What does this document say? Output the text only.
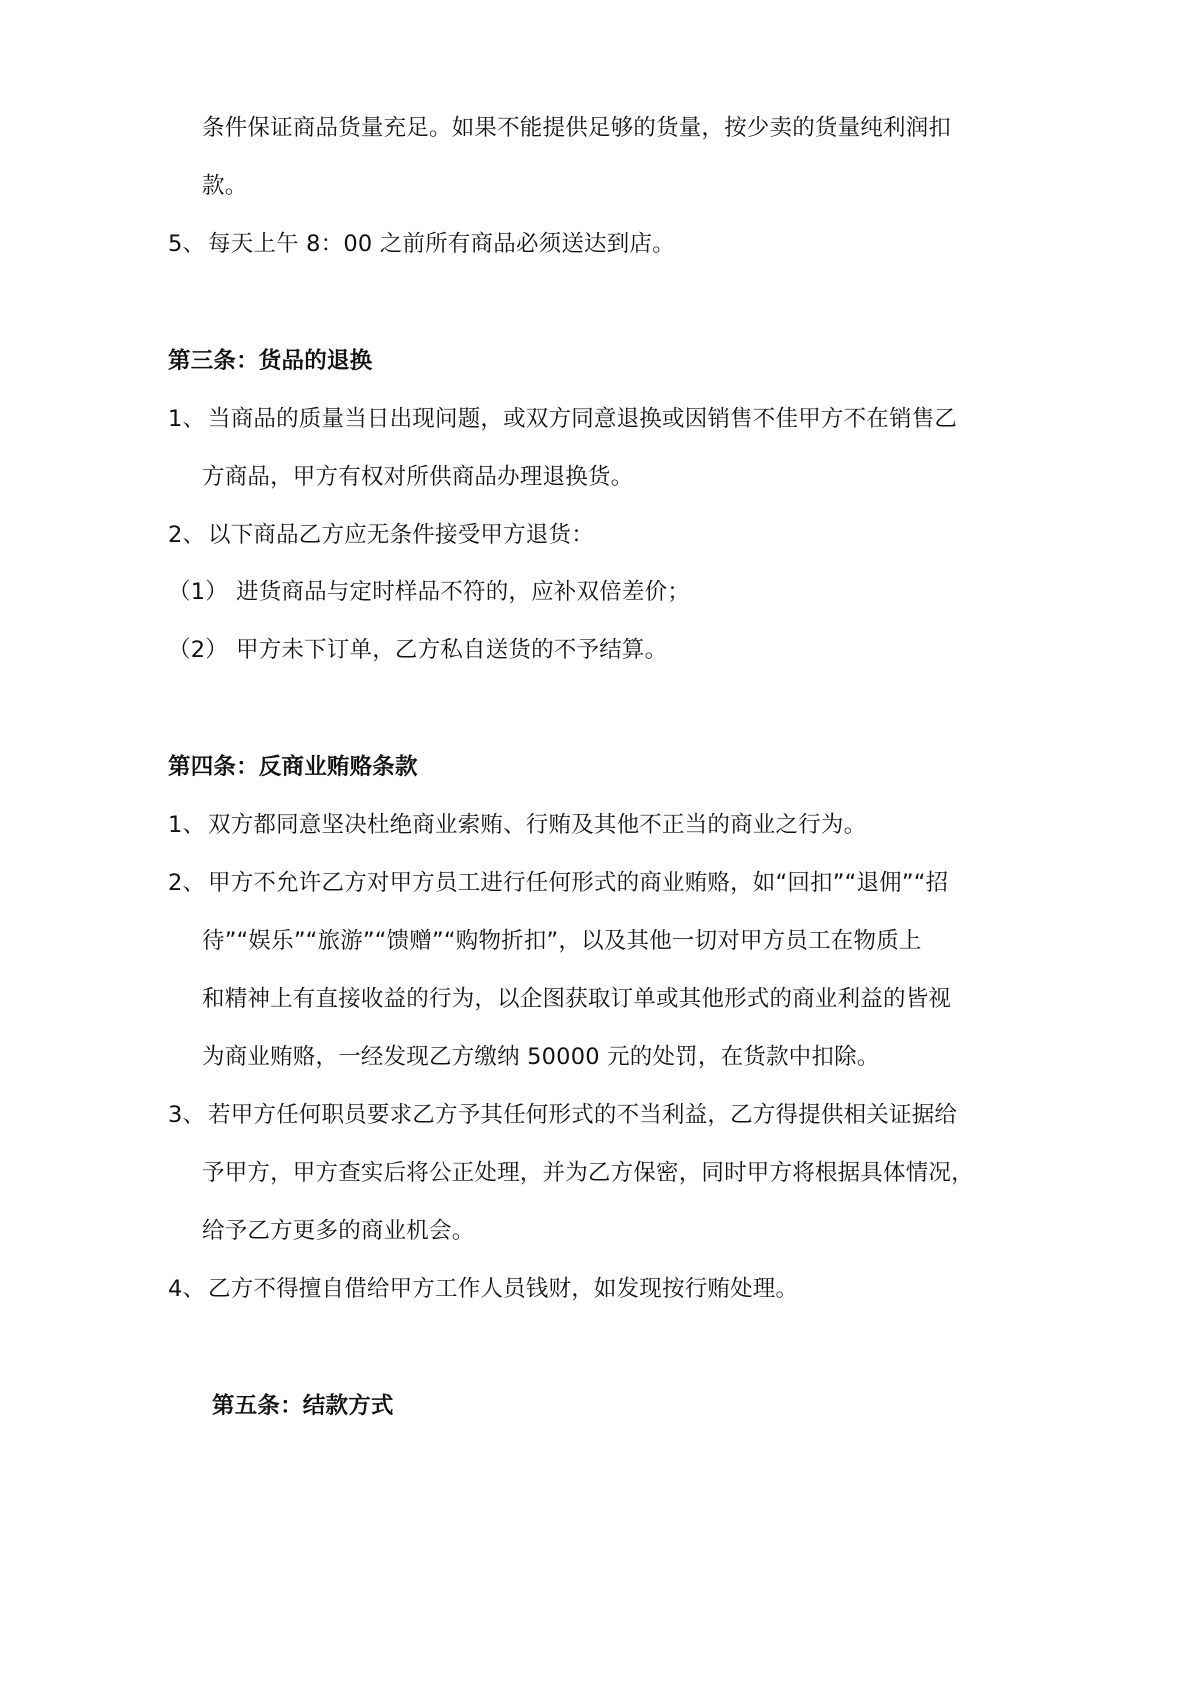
条件保证商品货量充足。如果不能提供足够的货量，按少卖的货量纯利润扣
款。
5、 每天上午 8：00 之前所有商品必须送达到店。
第三条：货品的退换
1、 当商品的质量当日出现问题，或双方同意退换或因销售不佳甲方不在销售乙
方商品，甲方有权对所供商品办理退换货。
2、 以下商品乙方应无条件接受甲方退货：
（1） 进货商品与定时样品不符的，应补双倍差价；
（2） 甲方未下订单，乙方私自送货的不予结算。
第四条：反商业贿赂条款
1、 双方都同意坚决杜绝商业索贿、行贿及其他不正当的商业之行为。
2、 甲方不允许乙方对甲方员工进行任何形式的商业贿赂，如“回扣”“退佣”“招
待”“娱乐”“旅游”“馈赠”“购物折扣”，以及其他一切对甲方员工在物质上
和精神上有直接收益的行为，以企图获取订单或其他形式的商业利益的皆视
为商业贿赂，一经发现乙方缴纳 50000 元的处罚，在货款中扣除。
3、 若甲方任何职员要求乙方予其任何形式的不当利益，乙方得提供相关证据给
予甲方，甲方查实后将公正处理，并为乙方保密，同时甲方将根据具体情况，
给予乙方更多的商业机会。
4、 乙方不得擅自借给甲方工作人员钱财，如发现按行贿处理。
第五条：结款方式
